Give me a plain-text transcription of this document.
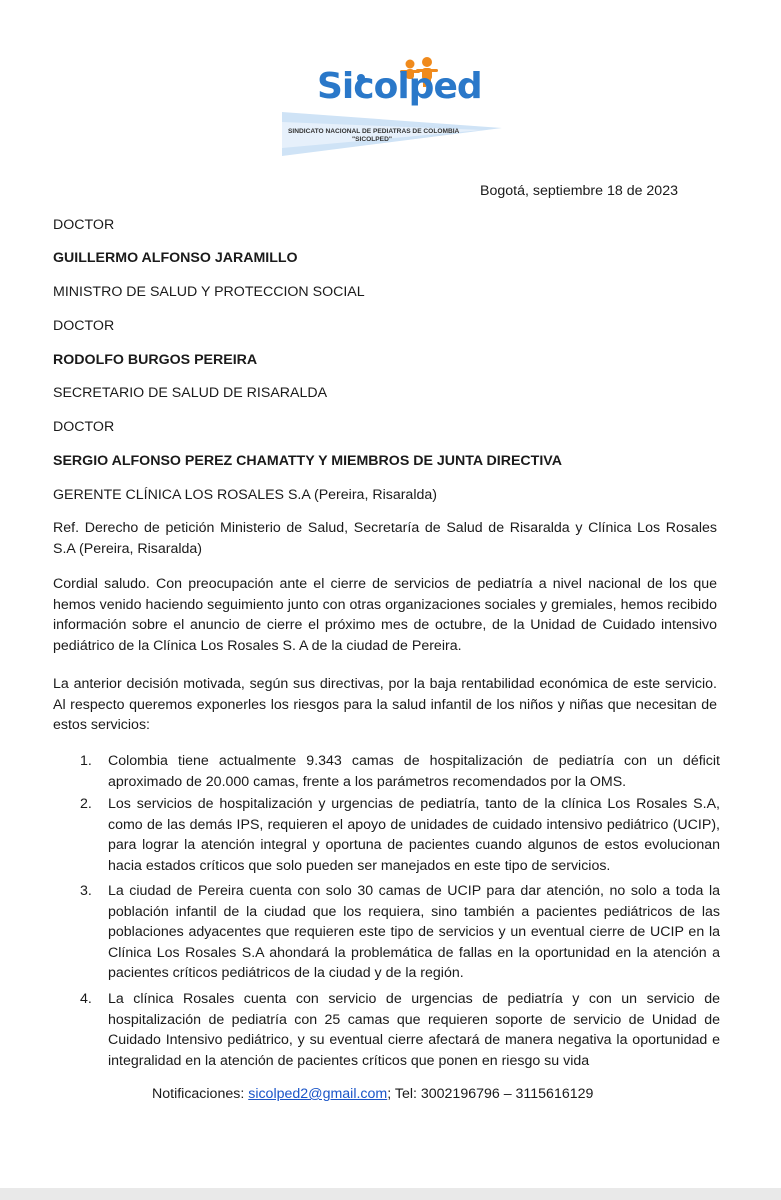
Sicolped
SINDICATO NACIONAL DE PEDIATRAS DE COLOMBIA
"SICOLPED"
Bogotá, septiembre 18 de 2023
DOCTOR
GUILLERMO ALFONSO JARAMILLO
MINISTRO DE SALUD Y PROTECCION SOCIAL
DOCTOR
RODOLFO BURGOS PEREIRA
SECRETARIO DE SALUD DE RISARALDA
DOCTOR
SERGIO ALFONSO PEREZ CHAMATTY Y MIEMBROS DE JUNTA DIRECTIVA
GERENTE CLÍNICA LOS ROSALES S.A (Pereira, Risaralda)
Ref. Derecho de petición Ministerio de Salud, Secretaría de Salud de Risaralda y Clínica Los Rosales S.A (Pereira, Risaralda)
Cordial saludo. Con preocupación ante el cierre de servicios de pediatría a nivel nacional de los que hemos venido haciendo seguimiento junto con otras organizaciones sociales y gremiales, hemos recibido información sobre el anuncio de cierre el próximo mes de octubre, de la Unidad de Cuidado intensivo pediátrico de la Clínica Los Rosales S. A de la ciudad de Pereira.
La anterior decisión motivada, según sus directivas, por la baja rentabilidad económica de este servicio. Al respecto queremos exponerles los riesgos para la salud infantil de los niños y niñas que necesitan de estos servicios:
1.	Colombia tiene actualmente 9.343 camas de hospitalización de pediatría con un déficit aproximado de 20.000 camas, frente a los parámetros recomendados por la OMS.
2.	Los servicios de hospitalización y urgencias de pediatría, tanto de la clínica Los Rosales S.A, como de las demás IPS, requieren el apoyo de unidades de cuidado intensivo pediátrico (UCIP), para lograr la atención integral y oportuna de pacientes cuando algunos de estos evolucionan hacia estados críticos que solo pueden ser manejados en este tipo de servicios.
3.	La ciudad de Pereira cuenta con solo 30 camas de UCIP para dar atención, no solo a toda la población infantil de la ciudad que los requiera, sino también a pacientes pediátricos de las poblaciones adyacentes que requieren este tipo de servicios y un eventual cierre de UCIP en la Clínica Los Rosales S.A ahondará la problemática de fallas en la oportunidad en la atención a pacientes críticos pediátricos de la ciudad y de la región.
4.	La clínica Rosales cuenta con servicio de urgencias de pediatría y con un servicio de hospitalización de pediatría con 25 camas que requieren soporte de servicio de Unidad de Cuidado Intensivo pediátrico, y su eventual cierre afectará de manera negativa la oportunidad e integralidad en la atención de pacientes críticos que ponen en riesgo su vida
Notificaciones: sicolped2@gmail.com; Tel: 3002196796 – 3115616129
